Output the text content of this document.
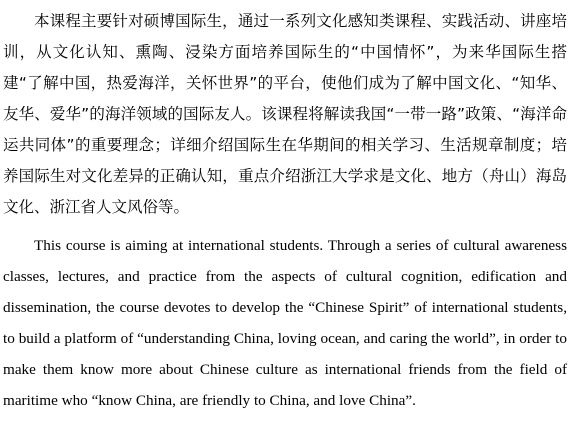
本课程主要针对硕博国际生，通过一系列文化感知类课程、实践活动、讲座培训，从文化认知、熏陶、浸染方面培养国际生的“中国情怀”，为来华国际生搭建“了解中国，热爱海洋，关怀世界”的平台，使他们成为了解中国文化、“知华、友华、爱华”的海洋领域的国际友人。该课程将解读我国“一带一路”政策、“海洋命运共同体”的重要理念；详细介绍国际生在华期间的相关学习、生活规章制度；培养国际生对文化差异的正确认知，重点介绍浙江大学求是文化、地方（舟山）海岛文化、浙江省人文风俗等。

This course is aiming at international students. Through a series of cultural awareness classes, lectures, and practice from the aspects of cultural cognition, edification and dissemination, the course devotes to develop the “Chinese Spirit” of international students, to build a platform of “understanding China, loving ocean, and caring the world”, in order to make them know more about Chinese culture as international friends from the field of maritime who “know China, are friendly to China, and love China”.
